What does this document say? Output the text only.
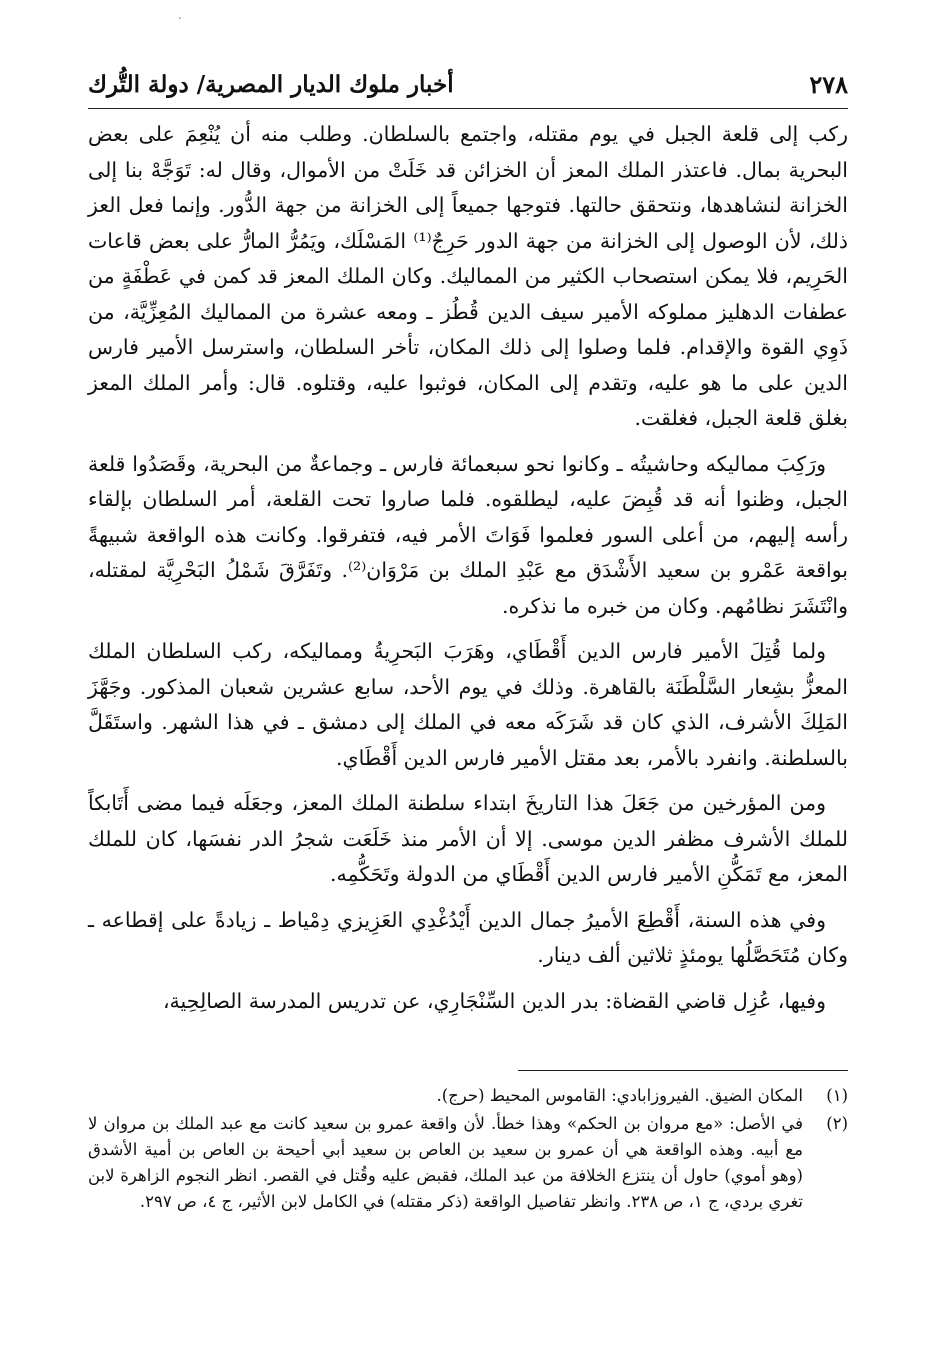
۰
٢٧٨
أخبار ملوك الديار المصرية/ دولة التُّرك

ركب إلى قلعة الجبل في يوم مقتله، واجتمع بالسلطان. وطلب منه أن يُنْعِمَ على بعض البحرية بمال. فاعتذر الملك المعز أن الخزائن قد خَلَتْ من الأموال، وقال له: تَوَجَّهْ بنا إلى الخزانة لنشاهدها، ونتحقق حالتها. فتوجها جميعاً إلى الخزانة من جهة الدُّور. وإنما فعل العز ذلك، لأن الوصول إلى الخزانة من جهة الدور حَرِجٌ⁽¹⁾ المَسْلَك، ويَمُرُّ المارُّ على بعض قاعات الحَرِيم، فلا يمكن استصحاب الكثير من المماليك. وكان الملك المعز قد كمن في عَطْفَةٍ من عطفات الدهليز مملوكه الأمير سيف الدين قُطُز ـ ومعه عشرة من المماليك المُعِزِّيَّة، من ذَوِي القوة والإقدام. فلما وصلوا إلى ذلك المكان، تأخر السلطان، واسترسل الأمير فارس الدين على ما هو عليه، وتقدم إلى المكان، فوثبوا عليه، وقتلوه. قال: وأمر الملك المعز بغلق قلعة الجبل، فغلقت.

ورَكِبَ مماليكه وحاشيتُه ـ وكانوا نحو سبعمائة فارس ـ وجماعةٌ من البحرية، وقَصَدُوا قلعة الجبل، وظنوا أنه قد قُبِضَ عليه، ليطلقوه. فلما صاروا تحت القلعة، أمر السلطان بإلقاء رأسه إليهم، من أعلى السور فعلموا فَوَاتَ الأمر فيه، فتفرقوا. وكانت هذه الواقعة شبيهةً بواقعة عَمْرو بن سعيد الأَشْدَق مع عَبْدِ الملك بن مَرْوَان⁽²⁾. وتَفَرَّقَ شَمْلُ البَحْرِيَّة لمقتله، وانْتَشَرَ نظامُهم. وكان من خبره ما نذكره.

ولما قُتِلَ الأمير فارس الدين أَقْطَاي، وهَرَبَ البَحرِيةُ ومماليكه، ركب السلطان الملك المعزُّ بشِعار السَّلْطَنَة بالقاهرة. وذلك في يوم الأحد، سابع عشرين شعبان المذكور. وجَهَّزَ المَلِكَ الأشرف، الذي كان قد شَرَكَه معه في الملك إلى دمشق ـ في هذا الشهر. واستَقَلَّ بالسلطنة. وانفرد بالأمر، بعد مقتل الأمير فارس الدين أَقْطَاي.

ومن المؤرخين من جَعَلَ هذا التاريخَ ابتداء سلطنة الملك المعز، وجعَلَه فيما مضى أَتَابكاً للملك الأشرف مظفر الدين موسى. إلا أن الأمر منذ خَلَعَت شجرُ الدر نفسَها، كان للملك المعز، مع تَمَكُّنِ الأمير فارس الدين أَقْطَاي من الدولة وتَحَكُّمِه.

وفي هذه السنة، أَقْطِعَ الأميرُ جمال الدين أَيْدُغْدِي العَزِيزي دِمْياط ـ زيادةً على إقطاعه ـ وكان مُتَحَصَّلُها يومئذٍ ثلاثين ألف دينار.

وفيها، عُزِل قاضي القضاة: بدر الدين السِّنْجَارِي، عن تدريس المدرسة الصالِحِية،

(١)
المكان الضيق. الفيروزابادي: القاموس المحيط (حرج).
(٢)
في الأصل: «مع مروان بن الحكم» وهذا خطأ. لأن واقعة عمرو بن سعيد كانت مع عبد الملك بن مروان لا مع أبيه. وهذه الواقعة هي أن عمرو بن سعيد بن العاص بن سعيد أبي أحيحة بن العاص بن أمية الأشدق (وهو أموي) حاول أن ينتزع الخلافة من عبد الملك، فقبض عليه وقُتل في القصر. انظر النجوم الزاهرة لابن تغري بردي، ج ١، ص ٢٣٨. وانظر تفاصيل الواقعة (ذكر مقتله) في الكامل لابن الأثير، ج ٤، ص ٢٩٧.
